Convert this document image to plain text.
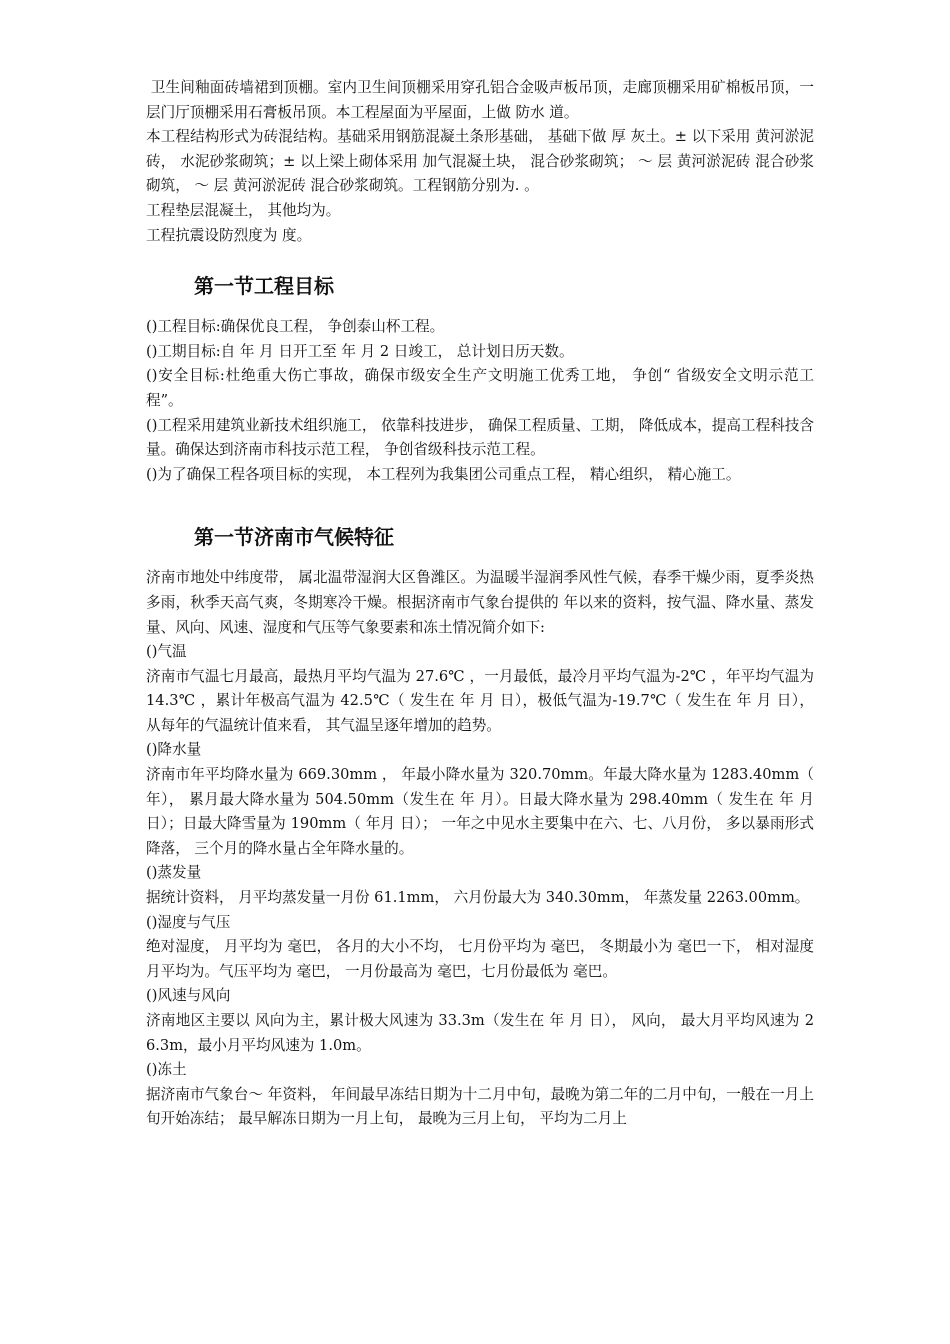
卫生间釉面砖墙裙到顶棚。室内卫生间顶棚采用穿孔铝合金吸声板吊顶，走廊顶棚采用矿棉板吊顶，一层门厅顶棚采用石膏板吊顶。本工程屋面为平屋面，上做 防水 道。

本工程结构形式为砖混结构。基础采用钢筋混凝土条形基础， 基础下做 厚 灰土。± 以下采用 黄河淤泥砖， 水泥砂浆砌筑；± 以上梁上砌体采用 加气混凝土块， 混合砂浆砌筑； ～ 层 黄河淤泥砖 混合砂浆砌筑， ～ 层 黄河淤泥砖 混合砂浆砌筑。工程钢筋分别为. 。

工程垫层混凝土， 其他均为。

工程抗震设防烈度为 度。

第一节工程目标

()工程目标:确保优良工程， 争创泰山杯工程。

()工期目标:自 年 月 日开工至 年 月 2 日竣工， 总计划日历天数。

()安全目标:杜绝重大伤亡事故，确保市级安全生产文明施工优秀工地， 争创“ 省级安全文明示范工程”。

()工程采用建筑业新技术组织施工， 依靠科技进步， 确保工程质量、工期， 降低成本，提高工程科技含量。确保达到济南市科技示范工程， 争创省级科技示范工程。

()为了确保工程各项目标的实现， 本工程列为我集团公司重点工程， 精心组织， 精心施工。

第一节济南市气候特征

济南市地处中纬度带， 属北温带湿润大区鲁潍区。为温暖半湿润季风性气候，春季干燥少雨，夏季炎热多雨，秋季天高气爽，冬期寒冷干燥。根据济南市气象台提供的 年以来的资料，按气温、降水量、蒸发量、风向、风速、湿度和气压等气象要素和冻土情况简介如下:

()气温

济南市气温七月最高，最热月平均气温为 27.6℃ ，一月最低，最冷月平均气温为-2℃ ，年平均气温为 14.3℃ ，累计年极高气温为 42.5℃（ 发生在 年 月 日），极低气温为-19.7℃（ 发生在 年 月 日）， 从每年的气温统计值来看， 其气温呈逐年增加的趋势。

()降水量

济南市年平均降水量为 669.30mm ， 年最小降水量为 320.70mm。年最大降水量为 1283.40mm（ 年）， 累月最大降水量为 504.50mm（发生在 年 月）。日最大降水量为 298.40mm（ 发生在 年 月 日）；日最大降雪量为 190mm（ 年月 日）； 一年之中见水主要集中在六、七、八月份， 多以暴雨形式降落， 三个月的降水量占全年降水量的。

()蒸发量

据统计资料， 月平均蒸发量一月份 61.1mm， 六月份最大为 340.30mm， 年蒸发量 2263.00mm。

()湿度与气压

绝对湿度， 月平均为 毫巴， 各月的大小不均， 七月份平均为 毫巴， 冬期最小为 毫巴一下， 相对湿度月平均为。气压平均为 毫巴， 一月份最高为 毫巴，七月份最低为 毫巴。

()风速与风向

济南地区主要以 风向为主，累计极大风速为 33.3m（发生在 年 月 日）， 风向， 最大月平均风速为 26.3m，最小月平均风速为 1.0m。

()冻土

据济南市气象台～ 年资料， 年间最早冻结日期为十二月中旬，最晚为第二年的二月中旬，一般在一月上旬开始冻结； 最早解冻日期为一月上旬， 最晚为三月上旬， 平均为二月上
